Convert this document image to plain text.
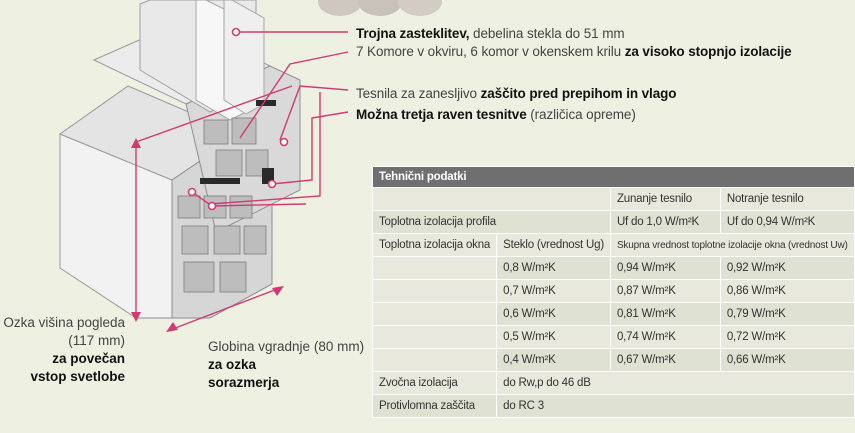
Trojna zasteklitev, debelina stekla do 51 mm
7 Komore v okviru, 6 komor v okenskem krilu za visoko stopnjo izolacije
Tesnila za zanesljivo zaščito pred prepihom in vlago
Možna tretja raven tesnitve (različica opreme)
Ozka višina pogleda
(117 mm)
za povečan
vstop svetlobe
Globina vgradnje (80 mm)
za ozka
sorazmerja
Tehnični podatki			
		Zunanje tesnilo	Notranje tesnilo
Toplotna izolacija profila		Uf do 1,0 W/m²K	Uf do 0,94 W/m²K
Toplotna izolacija okna	Steklo (vrednost Ug)	Skupna vrednost toplotne izolacije okna (vrednost Uw)	
	0,8 W/m²K	0,94 W/m²K	0,92 W/m²K
	0,7 W/m²K	0,87 W/m²K	0,86 W/m²K
	0,6 W/m²K	0,81 W/m²K	0,79 W/m²K
	0,5 W/m²K	0,74 W/m²K	0,72 W/m²K
	0,4 W/m²K	0,67 W/m²K	0,66 W/m²K
Zvočna izolacija	do Rw,p do 46 dB		
Protivlomna zaščita	do RC 3		
